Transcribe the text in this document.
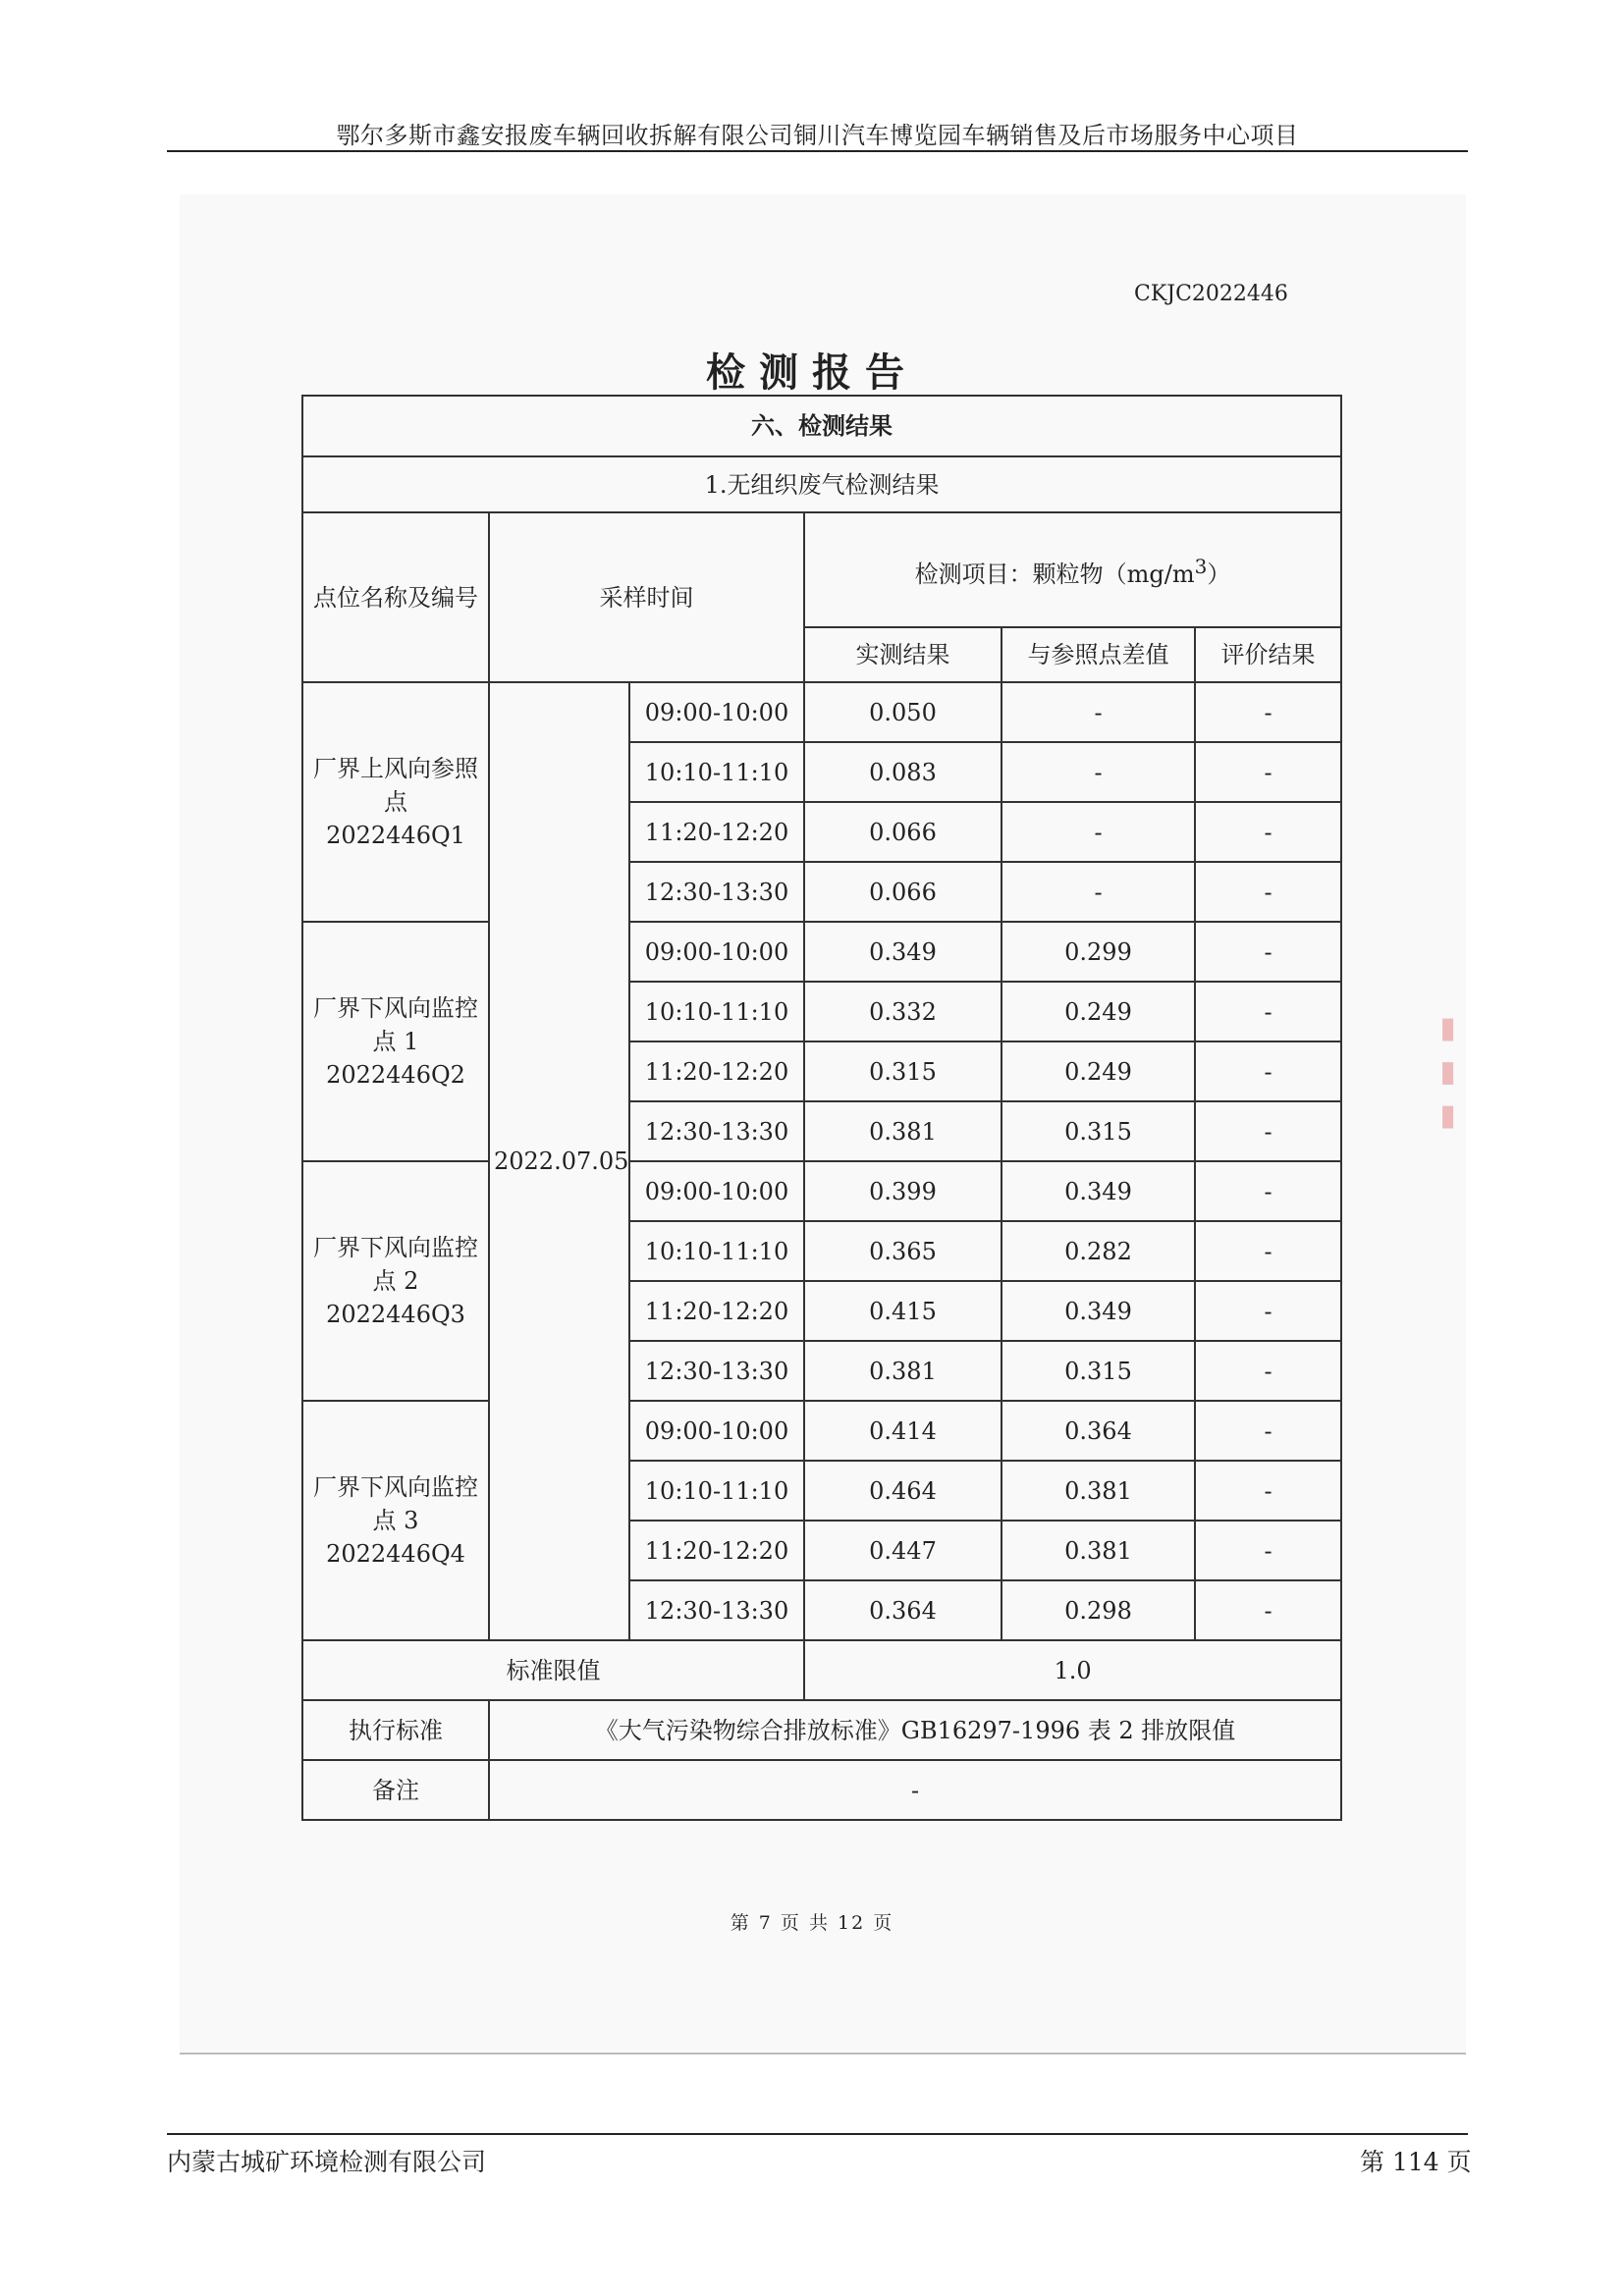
鄂尔多斯市鑫安报废车辆回收拆解有限公司铜川汽车博览园车辆销售及后市场服务中心项目
▮ ▮ ▮
CKJC2022446
检测报告
六、检测结果					
1.无组织废气检测结果					
点位名称及编号	采样时间		检测项目：颗粒物$(mg/m^3)$		
			实测结果	与参照点差值	评价结果

厂界上风向参照点
2022446Q1	2022.07.05	09:00-10:00	0.050	-	-
		10:10-11:10	0.083	-	-
		11:20-12:20	0.066	-	-
		12:30-13:30	0.066	-	-

厂界下风向监控点 1
2022446Q2		09:00-10:00	0.349	0.299	-
		10:10-11:10	0.332	0.249	-
		11:20-12:20	0.315	0.249	-
		12:30-13:30	0.381	0.315	-

厂界下风向监控点 2
2022446Q3		09:00-10:00	0.399	0.349	-
		10:10-11:10	0.365	0.282	-
		11:20-12:20	0.415	0.349	-
		12:30-13:30	0.381	0.315	-

厂界下风向监控点 3
2022446Q4		09:00-10:00	0.414	0.364	-
		10:10-11:10	0.464	0.381	-
		11:20-12:20	0.447	0.381	-
		12:30-13:30	0.364	0.298	-
标准限值			1.0		
执行标准	《大气污染物综合排放标准》GB16297-1996 表 2 排放限值				
备注	-				
第 7 页 共 12 页
内蒙古城矿环境检测有限公司	第 114 页
